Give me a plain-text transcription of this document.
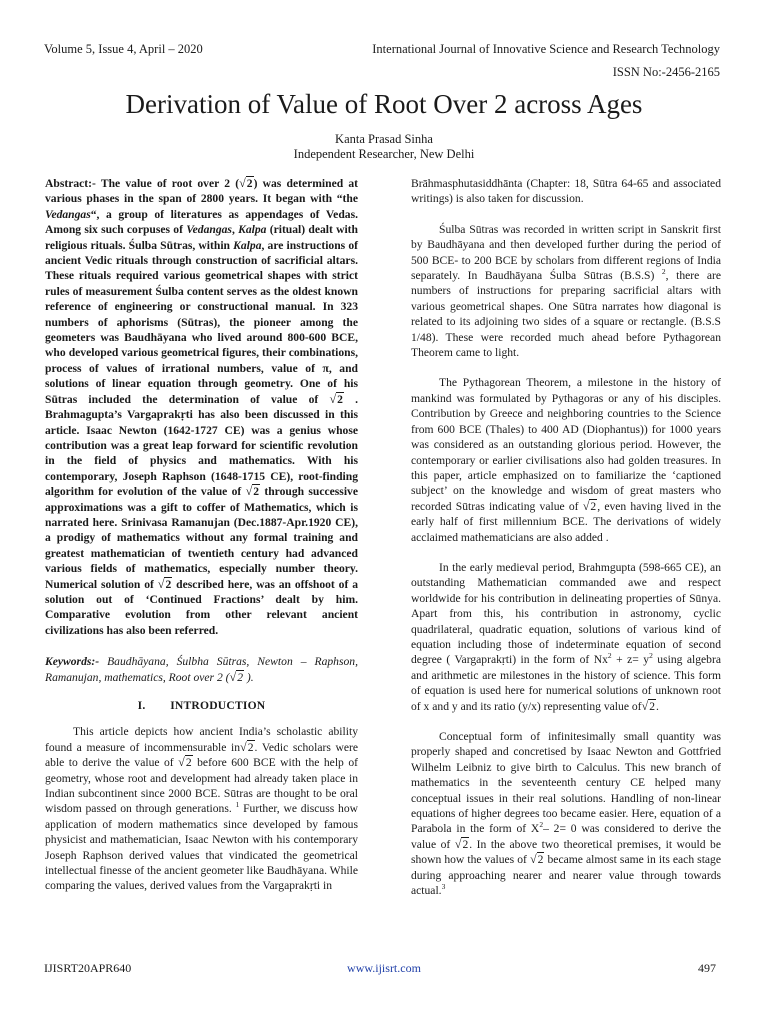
Volume 5, Issue 4, April – 2020	International Journal of Innovative Science and Research Technology
ISSN No:-2456-2165
Derivation of Value of Root Over 2 across Ages
Kanta Prasad Sinha
Independent Researcher, New Delhi

Abstract:- The value of root over 2 (√2) was determined at various phases in the span of 2800 years. It began with “the Vedangas“, a group of literatures as appendages of Vedas. Among six such corpuses of Vedangas, Kalpa (ritual) dealt with religious rituals. Śulba Sūtras, within Kalpa, are instructions of ancient Vedic rituals through construction of sacrificial altars. These rituals required various geometrical shapes with strict rules of measurement Śulba content serves as the oldest known reference of engineering or constructional manual. In 323 numbers of aphorisms (Sūtras), the pioneer among the geometers was Baudhāyana who lived around 800-600 BCE, who developed various geometrical figures, their combinations, process of values of irrational numbers, value of π, and solutions of linear equation through geometry. One of his Sūtras included the determination of value of √2 . Brahmagupta’s Vargaprakṛti has also been discussed in this article. Isaac Newton (1642-1727 CE) was a genius whose contribution was a great leap forward for scientific revolution in the field of physics and mathematics. With his contemporary, Joseph Raphson (1648-1715 CE), root-finding algorithm for evolution of the value of √2 through successive approximations was a gift to coffer of Mathematics, which is narrated here. Srinivasa Ramanujan (Dec.1887-Apr.1920 CE), a prodigy of mathematics without any formal training and greatest mathematician of twentieth century had advanced various fields of mathematics, especially number theory. Numerical solution of √2 described here, was an offshoot of a solution out of ‘Continued Fractions’ dealt by him. Comparative evolution from other relevant ancient civilizations has also been referred.

Keywords:- Baudhāyana, Śulbha Sūtras, Newton – Raphson, Ramanujan, mathematics, Root over 2 (√2 ).

I. INTRODUCTION

This article depicts how ancient India’s scholastic ability found a measure of incommensurable in√2. Vedic scholars were able to derive the value of √2 before 600 BCE with the help of geometry, whose root and development had already taken place in Indian subcontinent since 2000 BCE. Sūtras are thought to be oral wisdom passed on through generations. $^1$ Further, we discuss how application of modern mathematics since developed by famous physicist and mathematician, Isaac Newton with his contemporary Joseph Raphson derived values that vindicated the geometrical intellectual finesse of the ancient geometer like Baudhāyana. While comparing the values, derived values from the Vargaprakṛti in

Brāhmasphutasiddhānta (Chapter: 18, Sūtra 64-65 and associated writings) is also taken for discussion.

Śulba Sūtras was recorded in written script in Sanskrit first by Baudhāyana and then developed further during the period of 500 BCE- to 200 BCE by scholars from different regions of India separately. In Baudhāyana Śulba Sūtras (B.S.S) $^2$, there are numbers of instructions for preparing sacrificial altars with various geometrical shapes. One Sūtra narrates how diagonal is related to its adjoining two sides of a square or rectangle. (B.S.S 1/48). These were recorded much ahead before Pythagorean Theorem came to light.

The Pythagorean Theorem, a milestone in the history of mankind was formulated by Pythagoras or any of his disciples. Contribution by Greece and neighboring countries to the Science from 600 BCE (Thales) to 400 AD (Diophantus)) for 1000 years was considered as an outstanding glorious period. However, the contemporary or earlier civilisations also had golden treasures. In this paper, article emphasized on to familiarize the ‘captioned subject’ on the knowledge and wisdom of great masters who recorded Sūtras indicating value of √2, even having lived in the early half of first millennium BCE. The derivations of widely acclaimed mathematicians are also added .

In the early medieval period, Brahmgupta (598-665 CE), an outstanding Mathematician commanded awe and respect worldwide for his contribution in delineating properties of Sūnya. Apart from this, his contribution in astronomy, cyclic quadrilateral, quadratic equation, solutions of various kind of equation including those of indeterminate equation of second degree ( Vargaprakṛti) in the form of $Nx^2 + z= y^2$ using algebra and arithmetic are milestones in the history of science. This form of equation is used here for numerical solutions of unknown root of x and y and its ratio (y/x) representing value of√2.

Conceptual form of infinitesimally small quantity was properly shaped and concretised by Isaac Newton and Gottfried Wilhelm Leibniz to give birth to Calculus. This new branch of mathematics in the seventeenth century CE helped many conceptual issues in their real solutions. Handling of non-linear equations of higher degrees too became easier. Here, equation of a Parabola in the form of $X^2-$ 2= 0 was considered to derive the value of √2. In the above two theoretical premises, it would be shown how the values of √2 became almost same in its each stage during approaching nearer and nearer value through towards actual.$^3$

IJISRT20APR640	www.ijisrt.com	497
